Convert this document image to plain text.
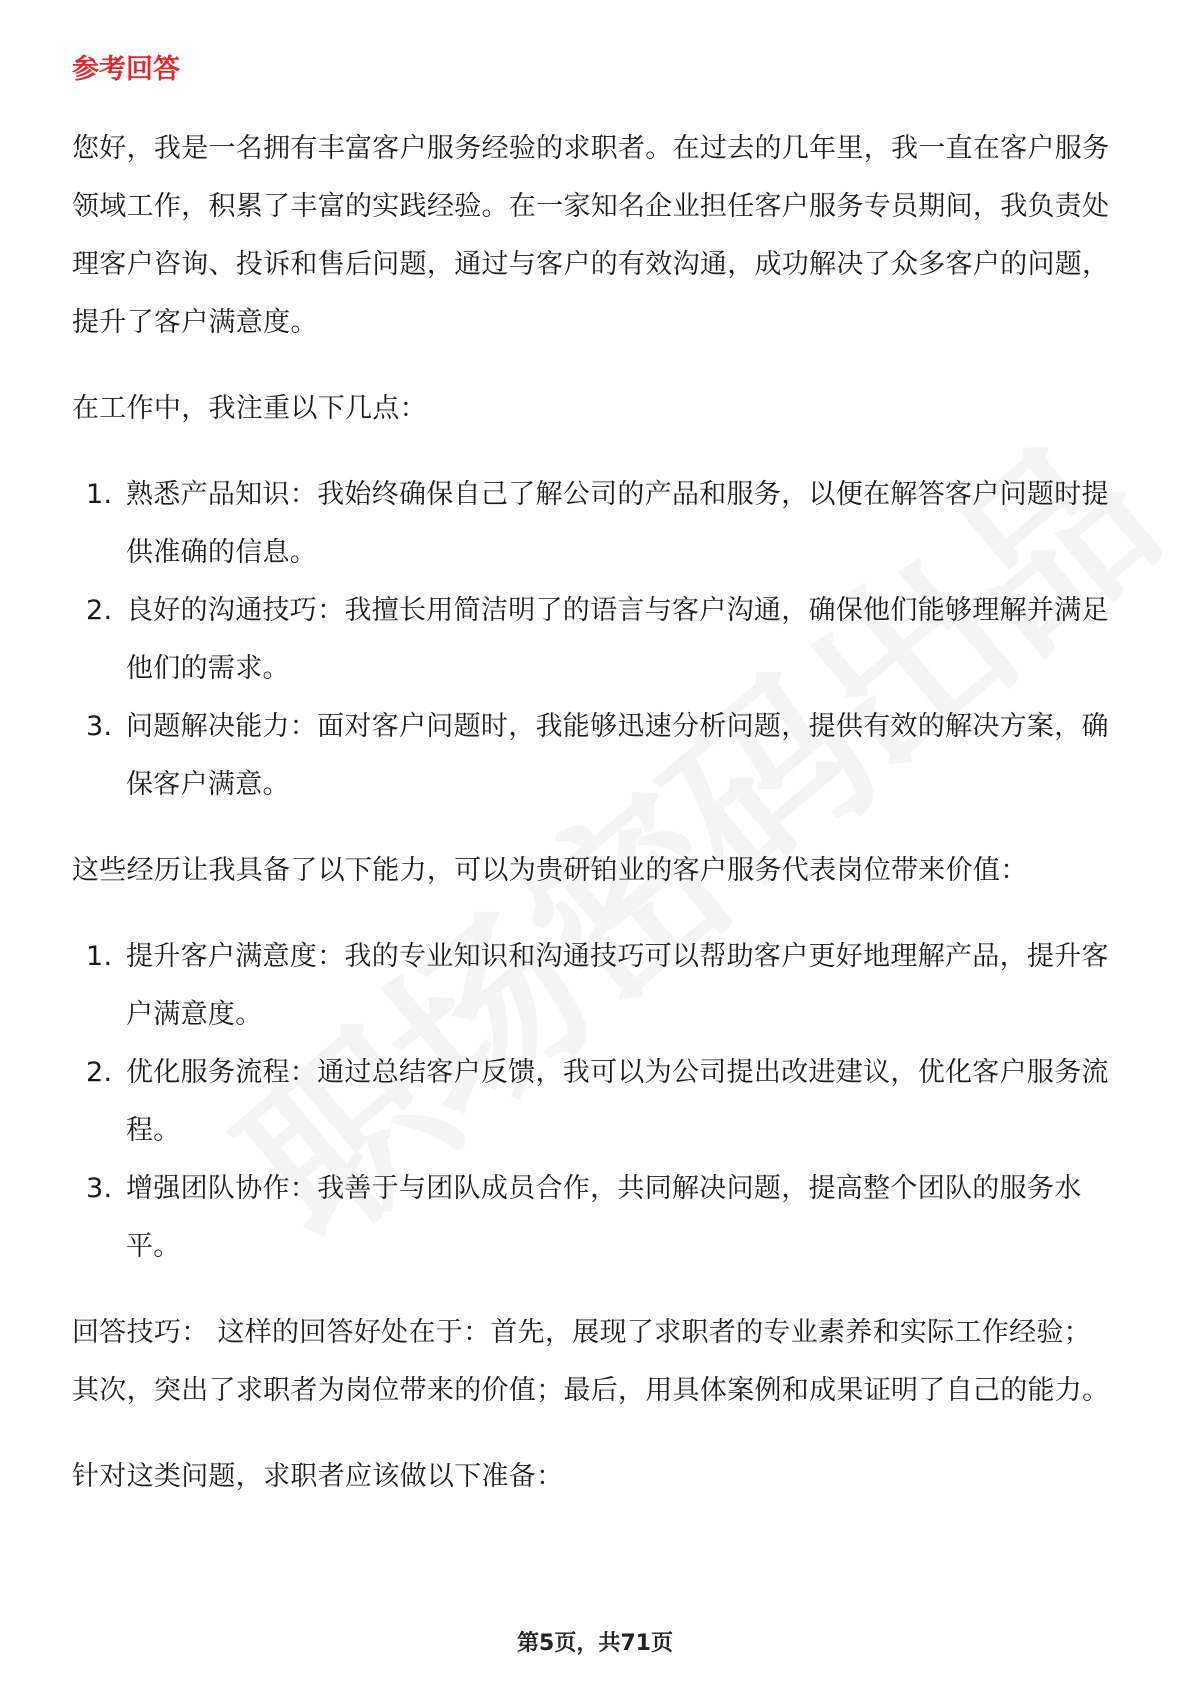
参考回答

您好，我是一名拥有丰富客户服务经验的求职者。在过去的几年里，我一直在客户服务领域工作，积累了丰富的实践经验。在一家知名企业担任客户服务专员期间，我负责处理客户咨询、投诉和售后问题，通过与客户的有效沟通，成功解决了众多客户的问题，提升了客户满意度。

在工作中，我注重以下几点：

1. 熟悉产品知识：我始终确保自己了解公司的产品和服务，以便在解答客户问题时提供准确的信息。
2. 良好的沟通技巧：我擅长用简洁明了的语言与客户沟通，确保他们能够理解并满足他们的需求。
3. 问题解决能力：面对客户问题时，我能够迅速分析问题，提供有效的解决方案，确保客户满意。

这些经历让我具备了以下能力，可以为贵研铂业的客户服务代表岗位带来价值：

1. 提升客户满意度：我的专业知识和沟通技巧可以帮助客户更好地理解产品，提升客户满意度。
2. 优化服务流程：通过总结客户反馈，我可以为公司提出改进建议，优化客户服务流程。
3. 增强团队协作：我善于与团队成员合作，共同解决问题，提高整个团队的服务水平。

回答技巧： 这样的回答好处在于：首先，展现了求职者的专业素养和实际工作经验；其次，突出了求职者为岗位带来的价值；最后，用具体案例和成果证明了自己的能力。

针对这类问题，求职者应该做以下准备：

第5页，共71页
